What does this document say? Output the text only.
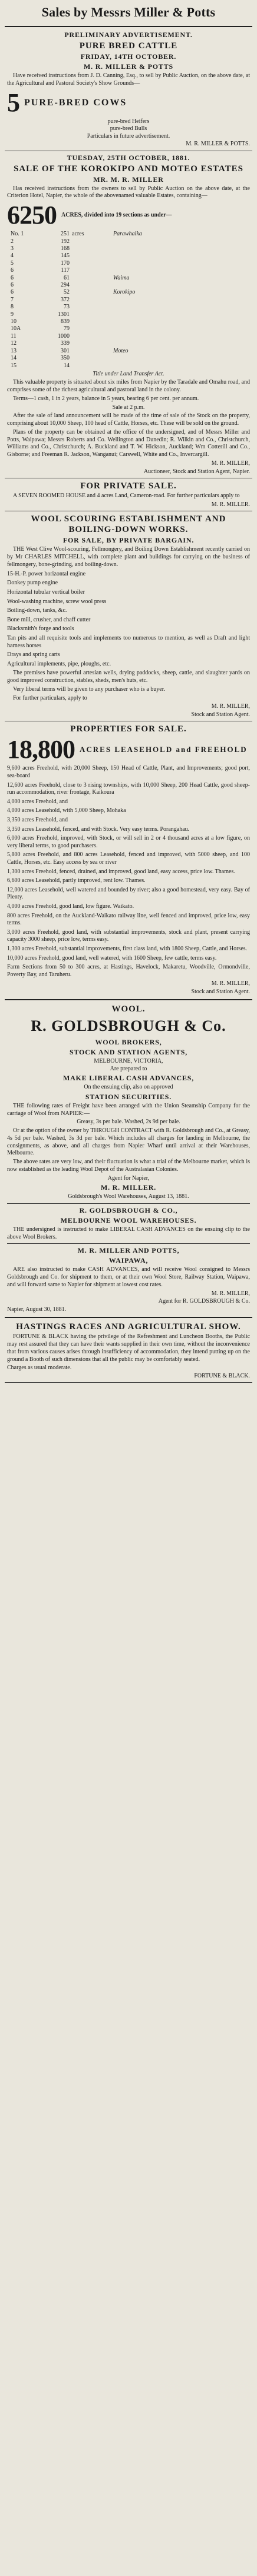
Sales by Messrs Miller & Potts
PRELIMINARY ADVERTISEMENT.
PURE BRED CATTLE
FRIDAY, 14TH OCTOBER.
M. R. MILLER & POTTS

Have received instructions from J. D. Canning, Esq., to sell by Public Auction, on the above date, at the Agricultural and Pastoral Society's Show Grounds—

5 PURE-BRED COWS
pure-bred Heifers
pure-bred Bulls
Particulars in future advertisement.
M. R. MILLER & POTTS.
TUESDAY, 25TH OCTOBER, 1881.
SALE OF THE KOROKIPO AND MOTEO ESTATES
MR. M. R. MILLER

Has received instructions from the owners to sell by Public Auction on the above date, at the Criterion Hotel, Napier, the whole of the abovenamed valuable Estates, containing—

6250 ACRES, divided into 19 sections as under—
No. 1	251 acres	Parawhaika
2	192
3	168
4	145
5	170
6	117
6	61	Waima
6	294
6	52	Korokipo
7	372
8	73
9	1301
10	839
10A	79
11	1000
12	339
13	301	Moteo
14	350
15	14
Title under Land Transfer Act.

This valuable property is situated about six miles from Napier by the Taradale and Omahu road, and comprises some of the richest agricultural and pastoral land in the colony.

Terms—1 cash, 1 in 2 years, balance in 5 years, bearing 6 per cent. per annum.

Sale at 2 p.m.

After the sale of land announcement will be made of the time of sale of the Stock on the property, comprising about 10,000 Sheep, 100 head of Cattle, Horses, etc. These will be sold on the ground.

Plans of the property can be obtained at the office of the undersigned, and of Messrs Miller and Potts, Waipawa; Messrs Roberts and Co. Wellington and Dunedin; R. Wilkin and Co., Christchurch, Williams and Co., Christchurch; A. Buckland and T. W. Hickson, Auckland; Wm Cotterill and Co., Gisborne; and Freeman R. Jackson, Wanganui; Carswell, White and Co., Invercargill.

M. R. MILLER,
Auctioneer, Stock and Station Agent, Napier.
FOR PRIVATE SALE.

A SEVEN ROOMED HOUSE and 4 acres Land, Cameron-road. For further particulars apply to

M. R. MILLER.
WOOL SCOURING ESTABLISHMENT AND BOILING-DOWN WORKS.
FOR SALE, BY PRIVATE BARGAIN.

THE West Clive Wool-scouring, Fellmongery, and Boiling Down Establishment recently carried on by Mr CHARLES MITCHELL, with complete plant and buildings for carrying on the business of fellmongery, bone-grinding, and boiling-down.

15-H.-P. power horizontal engine

Donkey pump engine

Horizontal tubular vertical boiler

Wool-washing machine, screw wool press

Boiling-down, tanks, &c.

Bone mill, crusher, and chaff cutter

Blacksmith's forge and tools

Tan pits and all requisite tools and implements too numerous to mention, as well as Draft and light harness horses

Drays and spring carts

Agricultural implements, pipe, ploughs, etc.

The premises have powerful artesian wells, drying paddocks, sheep, cattle, and slaughter yards on good improved construction, stables, sheds, men's huts, etc.

Very liberal terms will be given to any purchaser who is a buyer.

For further particulars, apply to

M. R. MILLER,
Stock and Station Agent.
PROPERTIES FOR SALE.
18,800 ACRES LEASEHOLD and FREEHOLD

9,600 acres Freehold, with 20,000 Sheep, 150 Head of Cattle, Plant, and Improvements; good port, sea-board

12,600 acres Freehold, close to 3 rising townships, with 10,000 Sheep, 200 Head Cattle, good sheep-run accommodation, river frontage, Kaikoura

4,000 acres Freehold, and

4,000 acres Leasehold, with 5,000 Sheep, Mohaka

3,350 acres Freehold, and

3,350 acres Leasehold, fenced, and with Stock. Very easy terms. Porangahau.

6,000 acres Freehold, improved, with Stock, or will sell in 2 or 4 thousand acres at a low figure, on very liberal terms, to good purchasers.

5,800 acres Freehold, and 800 acres Leasehold, fenced and improved, with 5000 sheep, and 100 Cattle, Horses, etc. Easy access by sea or river

1,300 acres Freehold, fenced, drained, and improved, good land, easy access, price low. Thames.

6,600 acres Leasehold, partly improved, rent low. Thames.

12,000 acres Leasehold, well watered and bounded by river; also a good homestead, very easy. Bay of Plenty.

4,000 acres Freehold, good land, low figure. Waikato.

800 acres Freehold, on the Auckland-Waikato railway line, well fenced and improved, price low, easy terms.

3,000 acres Freehold, good land, with substantial improvements, stock and plant, present carrying capacity 3000 sheep, price low, terms easy.

1,300 acres Freehold, substantial improvements, first class land, with 1800 Sheep, Cattle, and Horses.

10,000 acres Freehold, good land, well watered, with 1600 Sheep, few cattle, terms easy.

Farm Sections from 50 to 300 acres, at Hastings, Havelock, Makaretu, Woodville, Ormondville, Poverty Bay, and Taruheru.

M. R. MILLER,
Stock and Station Agent.
WOOL.
R. GOLDSBROUGH & Co.
WOOL BROKERS,
STOCK AND STATION AGENTS,
MELBOURNE, VICTORIA,
Are prepared to
MAKE LIBERAL CASH ADVANCES,
On the ensuing clip, also on approved
STATION SECURITIES.

THE following rates of Freight have been arranged with the Union Steamship Company for the carriage of Wool from NAPIER:—

Greasy, 3s per bale. Washed, 2s 9d per bale.

Or at the option of the owner by THROUGH CONTRACT with R. Goldsbrough and Co., at Greasy, 4s 5d per bale. Washed, 3s 3d per bale. Which includes all charges for landing in Melbourne, the consignments, as above, and all charges from Napier Wharf until arrival at their Warehouses, Melbourne.

The above rates are very low, and their fluctuation is what a trial of the Melbourne market, which is now established as the leading Wool Depot of the Australasian Colonies.

Agent for Napier,
M. R. MILLER.
Goldsbrough's Wool Warehouses, August 13, 1881.
R. GOLDSBROUGH & CO.,
MELBOURNE WOOL WAREHOUSES.

THE undersigned is instructed to make LIBERAL CASH ADVANCES on the ensuing clip to the above Wool Brokers.

M. R. MILLER AND POTTS,
WAIPAWA,

ARE also instructed to make CASH ADVANCES, and will receive Wool consigned to Messrs Goldsbrough and Co. for shipment to them, or at their own Wool Store, Railway Station, Waipawa, and will forward same to Napier for shipment at lowest cost rates.

M. R. MILLER,
Agent for R. GOLDSBROUGH & Co.
Napier, August 30, 1881.
HASTINGS RACES AND AGRICULTURAL SHOW.

FORTUNE & BLACK having the privilege of the Refreshment and Luncheon Booths, the Public may rest assured that they can have their wants supplied in their own time, without the inconvenience that from various causes arises through insufficiency of accommodation, they intend putting up on the ground a Booth of such dimensions that all the public may be comfortably seated.

Charges as usual moderate.
FORTUNE & BLACK.
